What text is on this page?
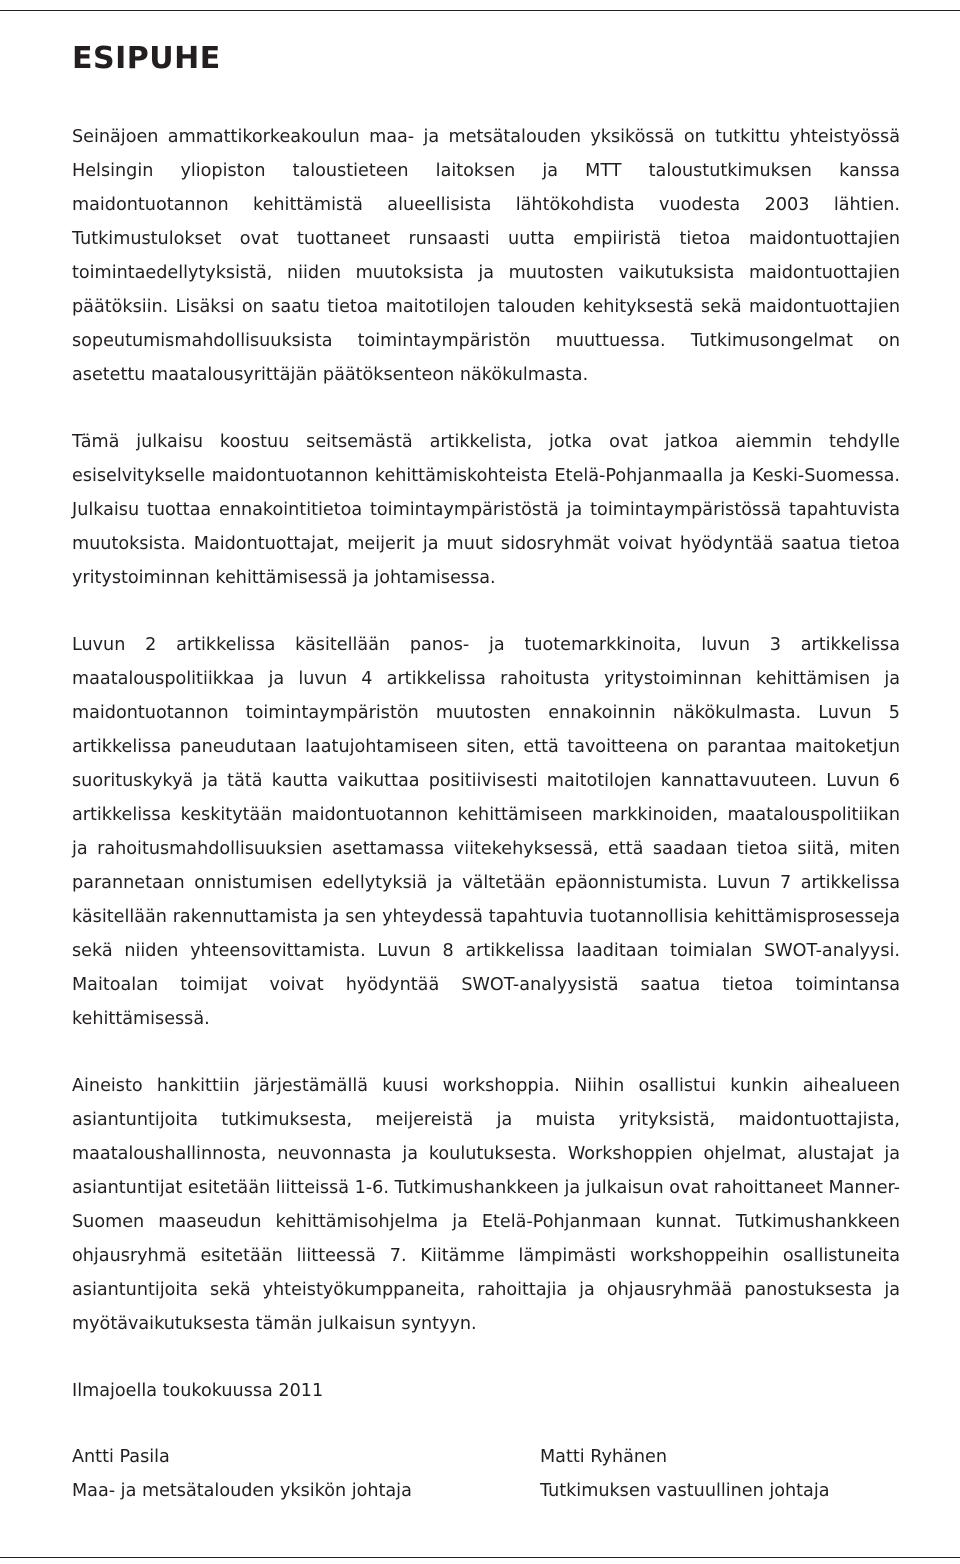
ESIPUHE

Seinäjoen ammattikorkeakoulun maa- ja metsätalouden yksikössä on tutkittu yhteistyössä Helsingin yliopiston taloustieteen laitoksen ja MTT taloustutkimuksen kanssa maidontuotannon kehittämistä alueellisista lähtökohdista vuodesta 2003 lähtien. Tutkimustulokset ovat tuottaneet runsaasti uutta empiiristä tietoa maidontuottajien toimintaedellytyksistä, niiden muutoksista ja muutosten vaikutuksista maidontuottajien päätöksiin. Lisäksi on saatu tietoa maitotilojen talouden kehityksestä sekä maidontuottajien sopeutumismahdollisuuksista toimintaympäristön muuttuessa. Tutkimusongelmat on asetettu maatalousyrittäjän päätöksenteon näkökulmasta.

Tämä julkaisu koostuu seitsemästä artikkelista, jotka ovat jatkoa aiemmin tehdylle esiselvitykselle maidontuotannon kehittämiskohteista Etelä-Pohjanmaalla ja Keski-Suomessa. Julkaisu tuottaa ennakointitietoa toimintaympäristöstä ja toimintaympäristössä tapahtuvista muutoksista. Maidontuottajat, meijerit ja muut sidosryhmät voivat hyödyntää saatua tietoa yritystoiminnan kehittämisessä ja johtamisessa.

Luvun 2 artikkelissa käsitellään panos- ja tuotemarkkinoita, luvun 3 artikkelissa maatalouspolitiikkaa ja luvun 4 artikkelissa rahoitusta yritystoiminnan kehittämisen ja maidontuotannon toimintaympäristön muutosten ennakoinnin näkökulmasta. Luvun 5 artikkelissa paneudutaan laatujohtamiseen siten, että tavoitteena on parantaa maitoketjun suorituskykyä ja tätä kautta vaikuttaa positiivisesti maitotilojen kannattavuuteen. Luvun 6 artikkelissa keskitytään maidontuotannon kehittämiseen markkinoiden, maatalouspolitiikan ja rahoitusmahdollisuuksien asettamassa viitekehyksessä, että saadaan tietoa siitä, miten parannetaan onnistumisen edellytyksiä ja vältetään epäonnistumista. Luvun 7 artikkelissa käsitellään rakennuttamista ja sen yhteydessä tapahtuvia tuotannollisia kehittämisprosesseja sekä niiden yhteensovittamista. Luvun 8 artikkelissa laaditaan toimialan SWOT-analyysi. Maitoalan toimijat voivat hyödyntää SWOT-analyysistä saatua tietoa toimintansa kehittämisessä.

Aineisto hankittiin järjestämällä kuusi workshoppia. Niihin osallistui kunkin aihealueen asiantuntijoita tutkimuksesta, meijereistä ja muista yrityksistä, maidontuottajista, maataloushallinnosta, neuvonnasta ja koulutuksesta. Workshoppien ohjelmat, alustajat ja asiantuntijat esitetään liitteissä 1-6. Tutkimushankkeen ja julkaisun ovat rahoittaneet Manner-Suomen maaseudun kehittämisohjelma ja Etelä-Pohjanmaan kunnat. Tutkimushankkeen ohjausryhmä esitetään liitteessä 7. Kiitämme lämpimästi workshoppeihin osallistuneita asiantuntijoita sekä yhteistyökumppaneita, rahoittajia ja ohjausryhmää panostuksesta ja myötävaikutuksesta tämän julkaisun syntyyn.

Ilmajoella toukokuussa 2011

Antti Pasila
Maa- ja metsätalouden yksikön johtaja
Matti Ryhänen
Tutkimuksen vastuullinen johtaja
